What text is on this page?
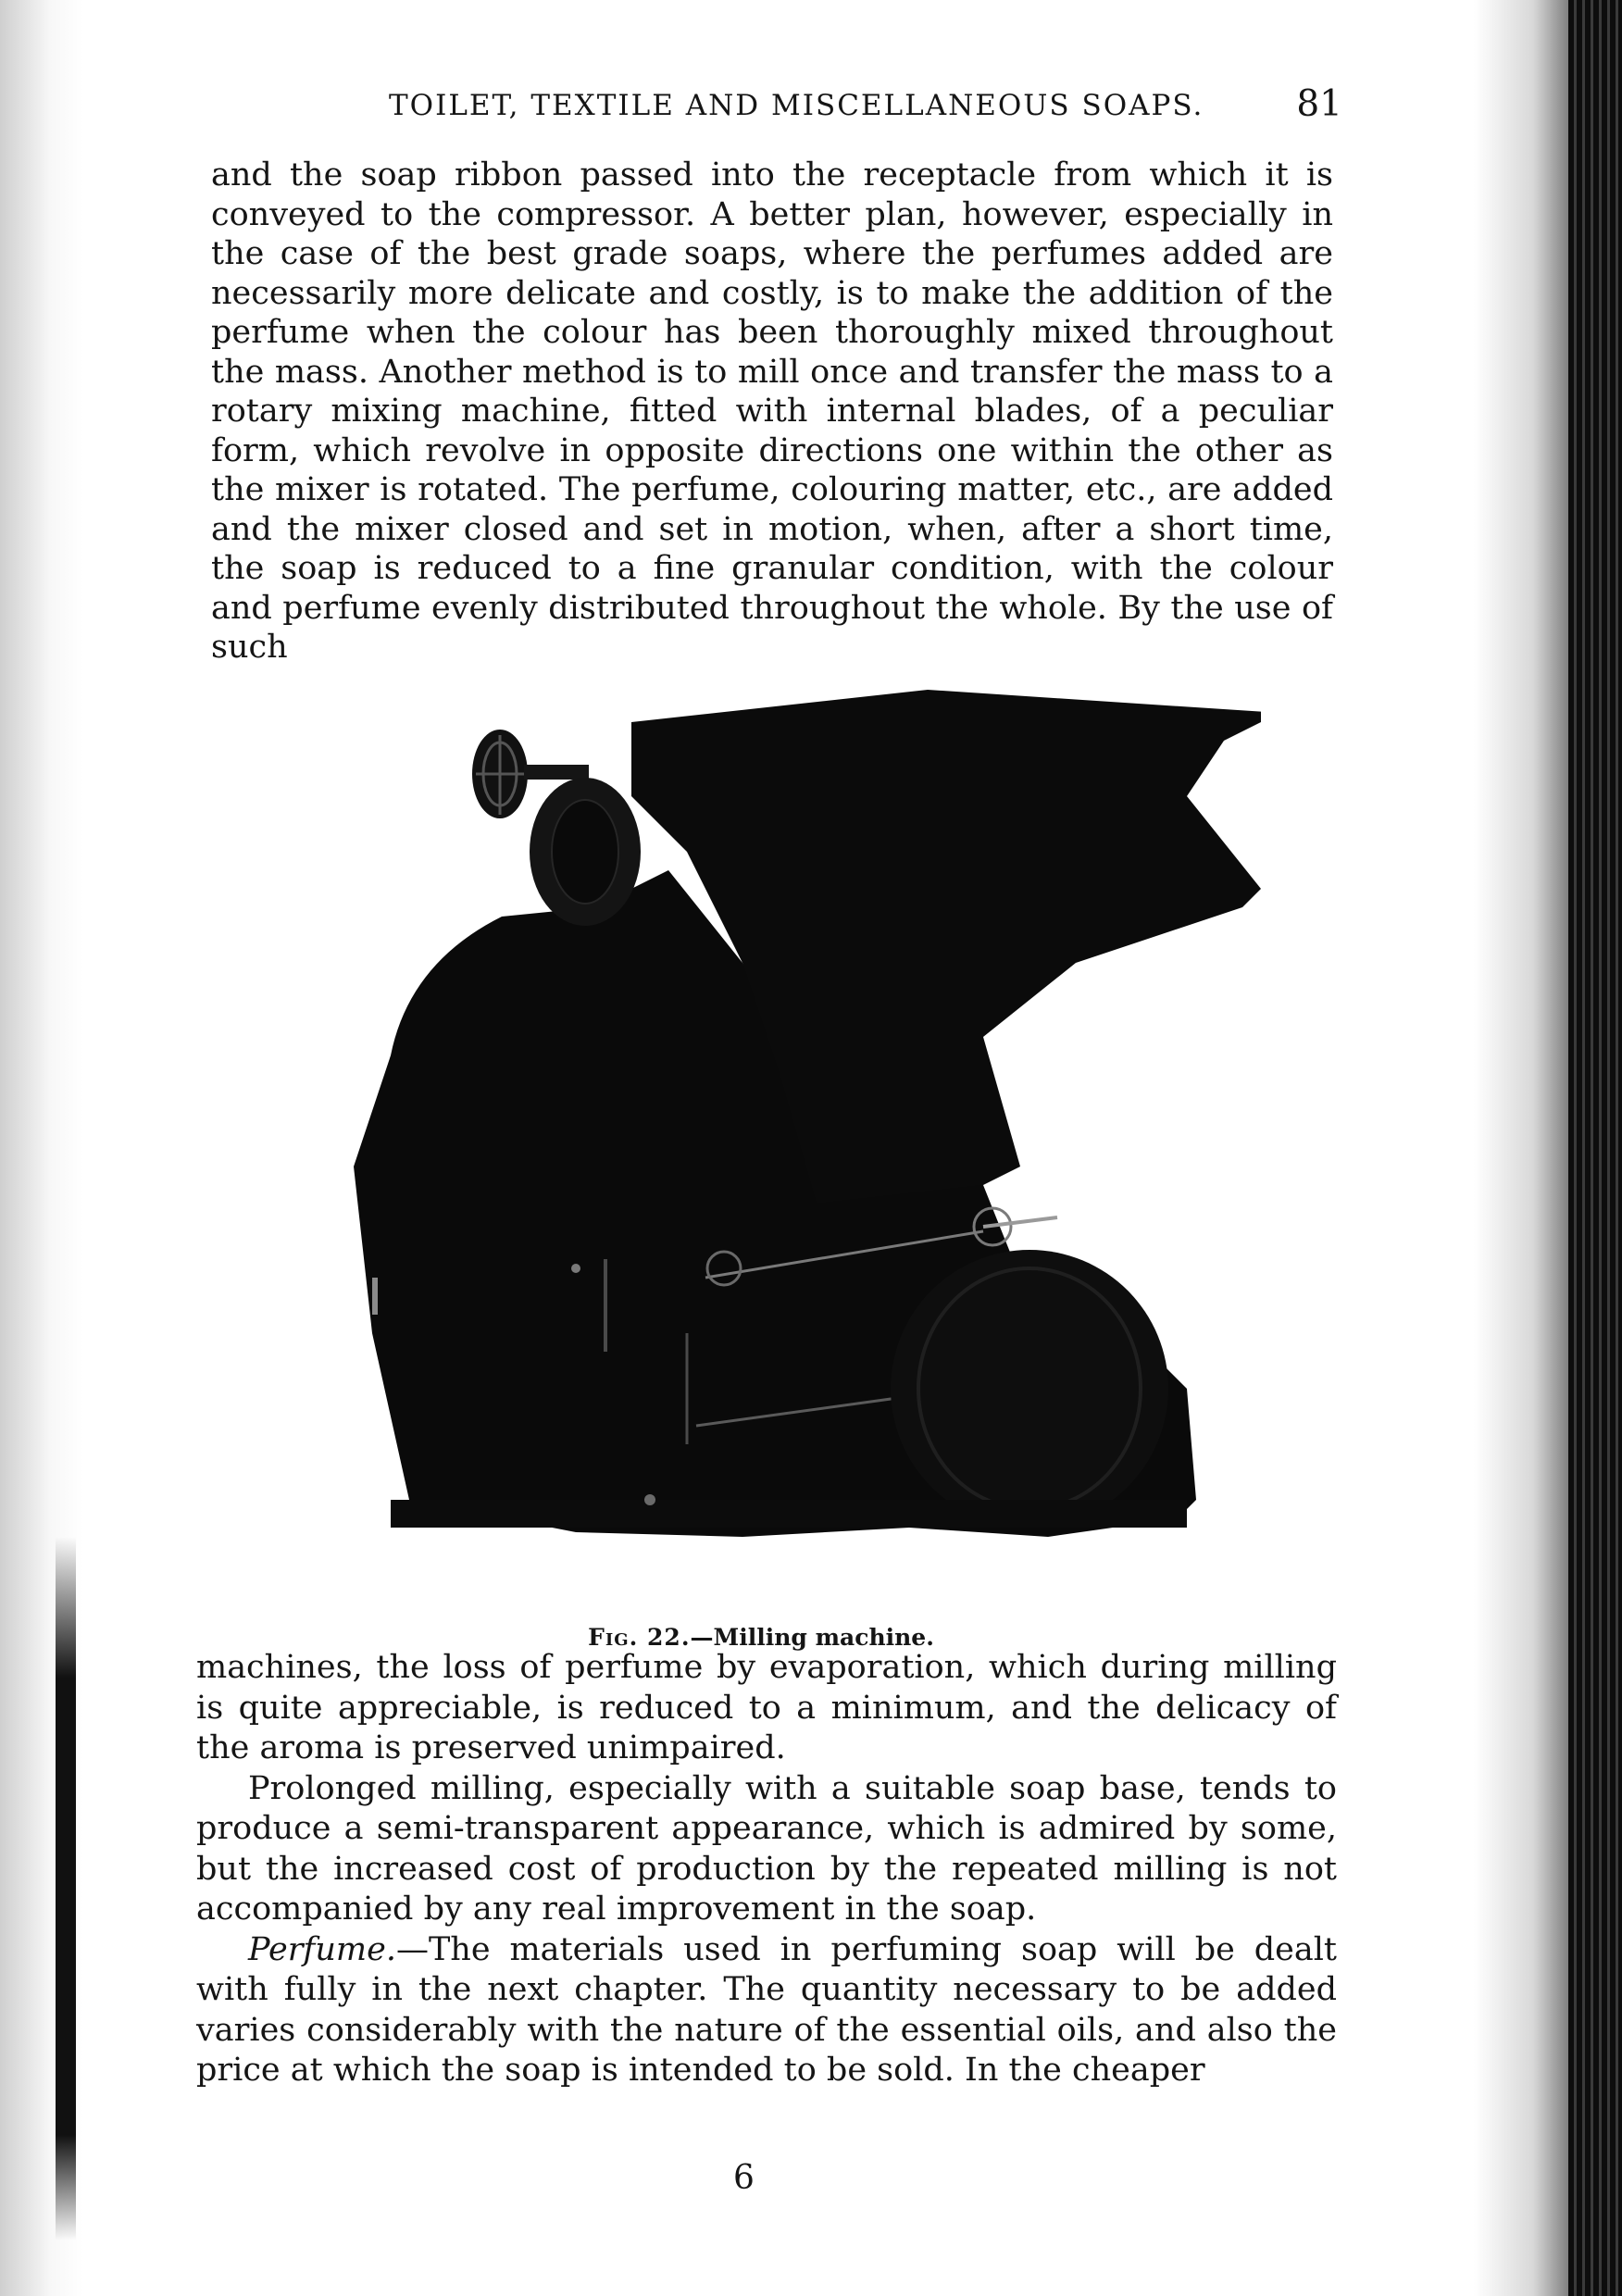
TOILET, TEXTILE AND MISCELLANEOUS SOAPS.	81

and the soap ribbon passed into the receptacle from which it is conveyed to the compressor. A better plan, however, especially in the case of the best grade soaps, where the perfumes added are necessarily more delicate and costly, is to make the addition of the perfume when the colour has been thoroughly mixed throughout the mass. Another method is to mill once and transfer the mass to a rotary mixing machine, fitted with internal blades, of a peculiar form, which revolve in opposite directions one within the other as the mixer is rotated. The perfume, colouring matter, etc., are added and the mixer closed and set in motion, when, after a short time, the soap is reduced to a fine granular condition, with the colour and perfume evenly distributed throughout the whole. By the use of such

Fig. 22.—Milling machine.

machines, the loss of perfume by evaporation, which during milling is quite appreciable, is reduced to a minimum, and the delicacy of the aroma is preserved unimpaired.

Prolonged milling, especially with a suitable soap base, tends to produce a semi-transparent appearance, which is admired by some, but the increased cost of production by the repeated milling is not accompanied by any real improvement in the soap.

Perfume.—The materials used in perfuming soap will be dealt with fully in the next chapter. The quantity necessary to be added varies considerably with the nature of the essential oils, and also the price at which the soap is intended to be sold. In the cheaper

6
